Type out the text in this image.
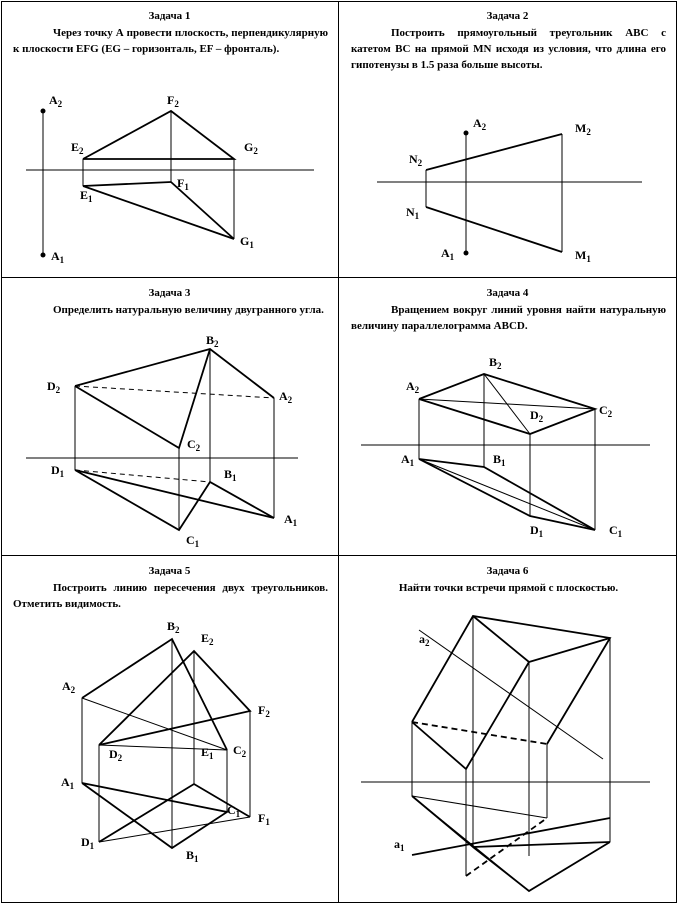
Задача 1
Через точку А провести плоскость, перпендикулярную к плоскости EFG (EG – горизонталь, EF – фронталь).
$A_2$
$A_1$
$F_2$
$E_2$	$G_2$
$E_1$
$F_1$
$G_1$
Задача 2
Построить прямоугольный треугольник АВС с катетом ВС на прямой MN исходя из условия, что длина его гипотенузы в 1.5 раза больше высоты.
$A_2$
$A_1$
$M_2$
$M_1$
$N_2$
$N_1$
Задача 3
Определить натуральную величину двугранного угла.
$B_2$
$D_2$	$A_2$
$C_2$
$D_1$	$B_1$
$A_1$
$C_1$
Задача 4
Вращением вокруг линий уровня найти натуральную величину параллелограмма ABCD.
$B_2$
$A_2$
$D_2$
$C_2$
$A_1$	$B_1$
$D_1$	$C_1$
Задача 5
Построить линию пересечения двух треугольников. Отметить видимость.
$B_2$
$E_2$
$A_2$
$F_2$
$D_2$	$E_1$ $C_2$
$A_1$
$C_1$ $F_1$
$D_1$
$B_1$
Задача 6
Найти точки встречи прямой с плоскостью.
$a_2$
$a_1$
